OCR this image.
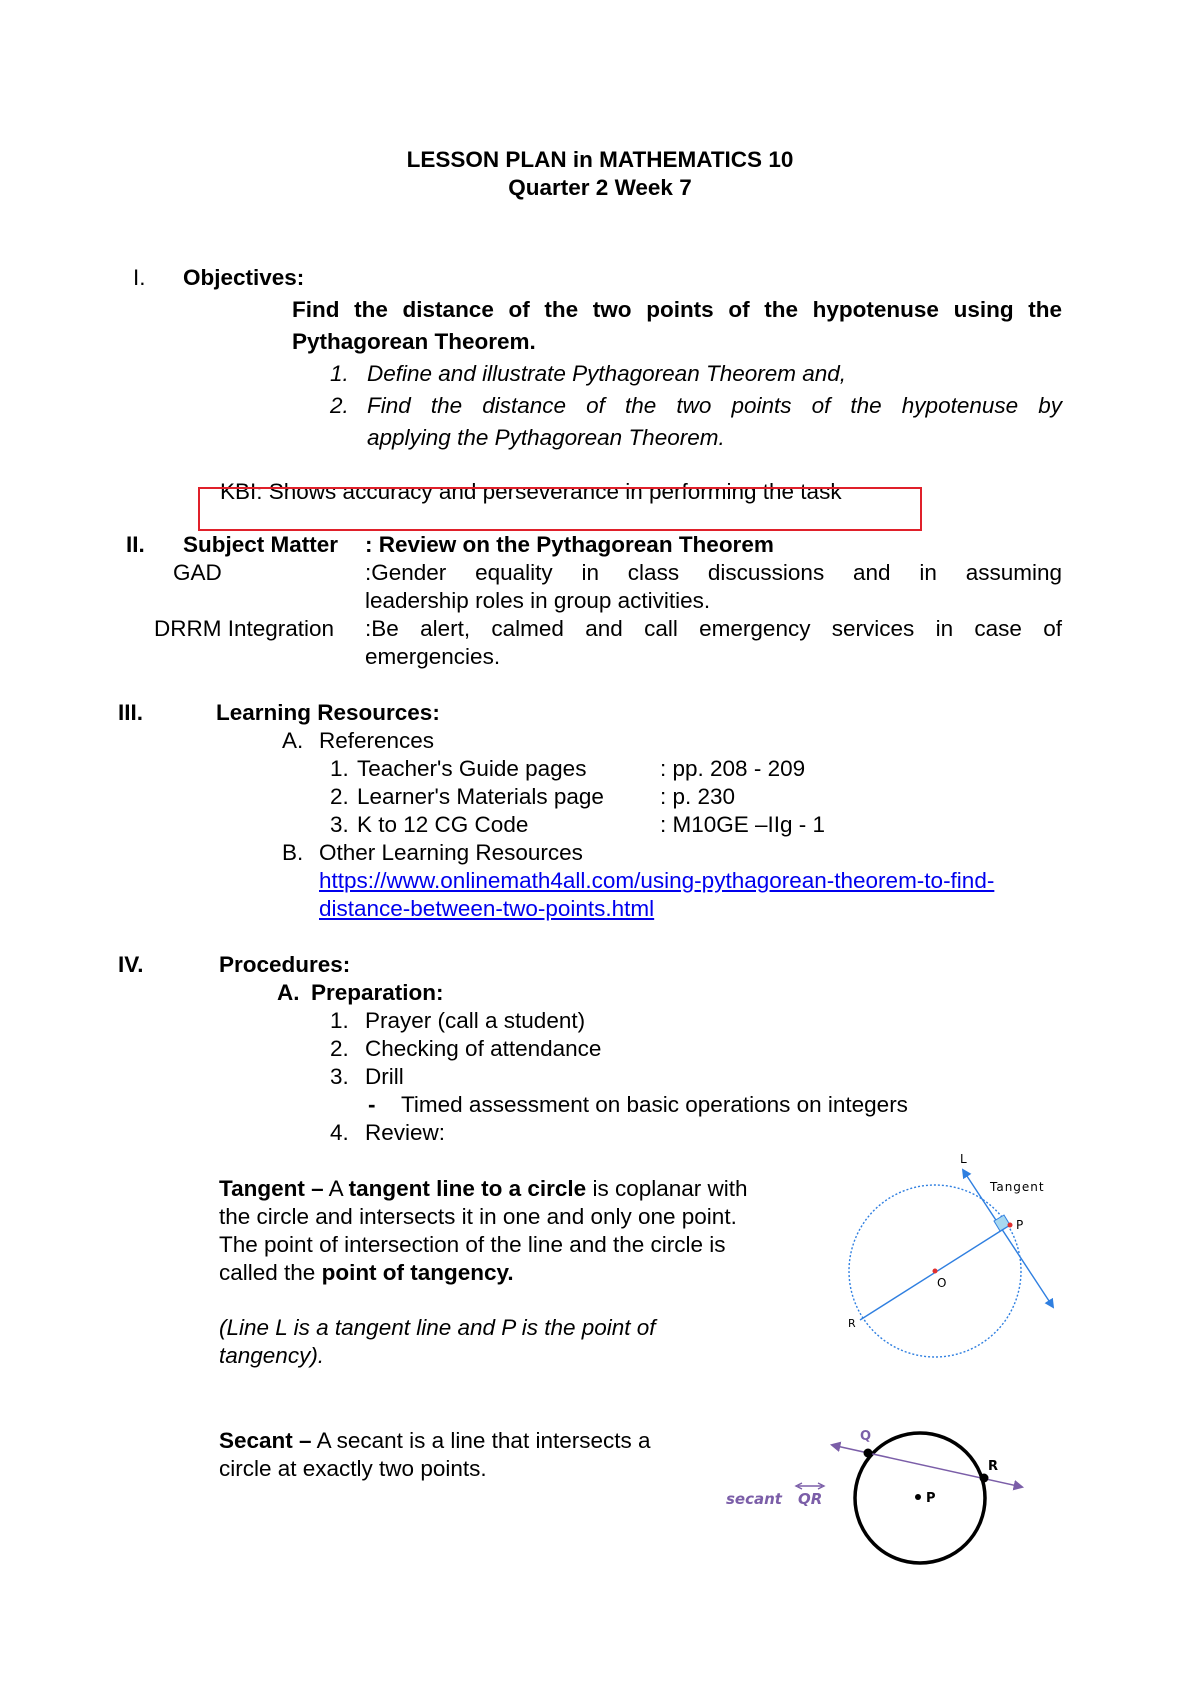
LESSON PLAN in MATHEMATICS 10
Quarter 2 Week 7
I. Objectives:
Find the distance of the two points of the hypotenuse using the
Pythagorean Theorem.
1. Define and illustrate Pythagorean Theorem and,
2. Find the distance of the two points of the hypotenuse by
applying the Pythagorean Theorem.
KBI: Shows accuracy and perseverance in performing the task
II. Subject Matter : Review on the Pythagorean Theorem
GAD	:Gender equality in class discussions and in assuming
leadership roles in group activities.
DRRM Integration :Be alert, calmed and call emergency services in case of
emergencies.
III.	Learning Resources:
A. References
1. Teacher's Guide pages	: pp. 208 - 209
2. Learner's Materials page : p. 230
3. K to 12 CG Code	: M10GE –IIg - 1
B. Other Learning Resources
https://www.onlinemath4all.com/using-pythagorean-theorem-to-find-
distance-between-two-points.html
IV.	Procedures:
A. Preparation:
1. Prayer (call a student)
2. Checking of attendance
3. Drill
- Timed assessment on basic operations on integers
4. Review:
Tangent – A tangent line to a circle is coplanar with
the circle and intersects it in one and only one point.
The point of intersection of the line and the circle is
called the point of tangency.
(Line L is a tangent line and P is the point of
tangency).
L
Tangent
P
O
R
Secant – A secant is a line that intersects a
circle at exactly two points.
Q
R
P
secant QR
